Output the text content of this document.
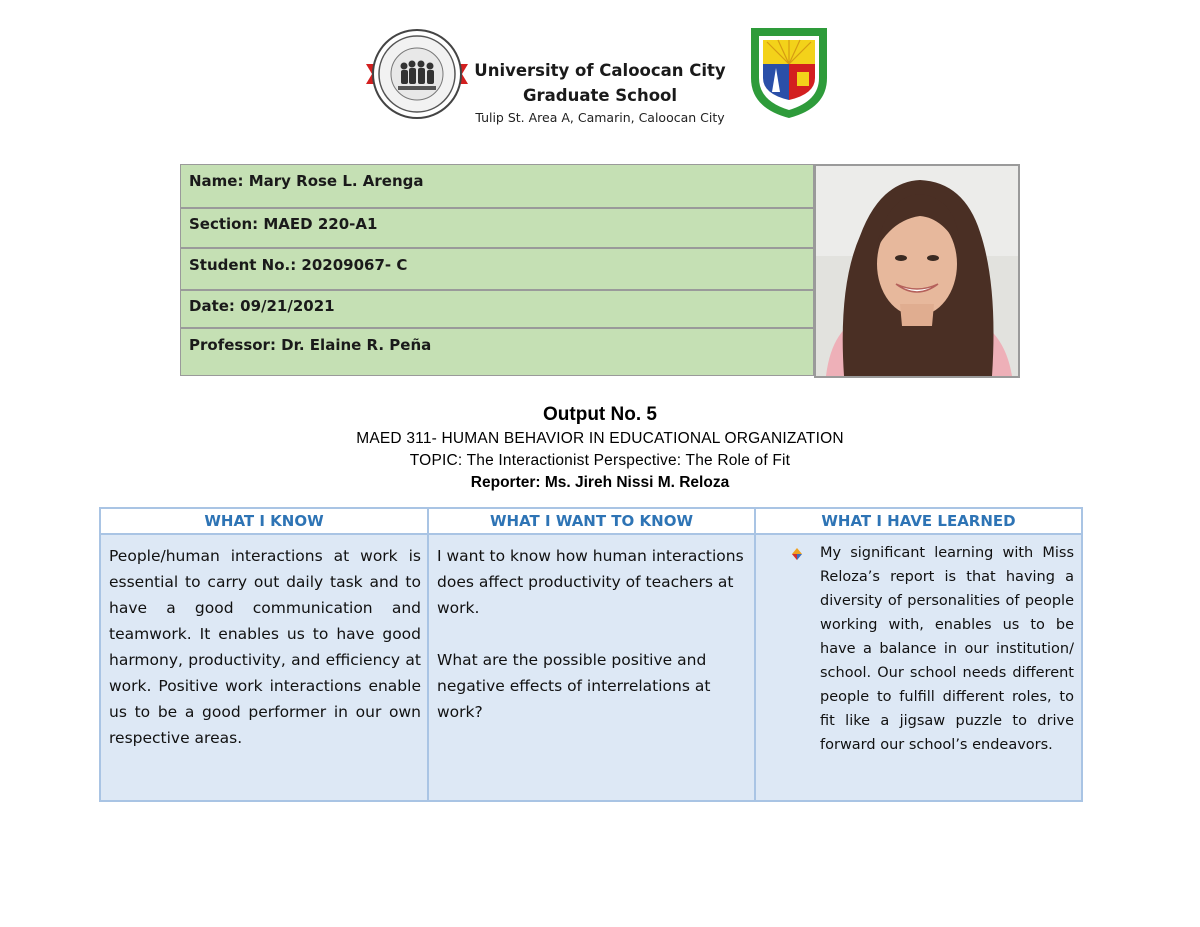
University of Caloocan City
Graduate School
Tulip St. Area A, Camarin, Caloocan City
Name: Mary Rose L. Arenga
Section: MAED 220-A1
Student No.: 20209067- C
Date: 09/21/2021
Professor: Dr. Elaine R. Peña
Output No. 5
MAED 311- HUMAN BEHAVIOR IN EDUCATIONAL ORGANIZATION
TOPIC: The Interactionist Perspective: The Role of Fit
Reporter: Ms. Jireh Nissi M. Reloza
WHAT I KNOW	WHAT I WANT TO KNOW	WHAT I HAVE LEARNED
People/human interactions at work is essential to carry out daily task and to have a good communication and teamwork. It enables us to have good harmony, productivity, and efficiency at work. Positive work interactions enable us to be a good performer in our own respective areas.

I want to know how human interactions does affect productivity of teachers at work.

What are the possible positive and negative effects of interrelations at work?

My significant learning with Miss Reloza’s report is that having a diversity of personalities of people working with, enables us to be have a balance in our institution/ school. Our school needs different people to fulfill different roles, to fit like a jigsaw puzzle to drive forward our school’s endeavors.
